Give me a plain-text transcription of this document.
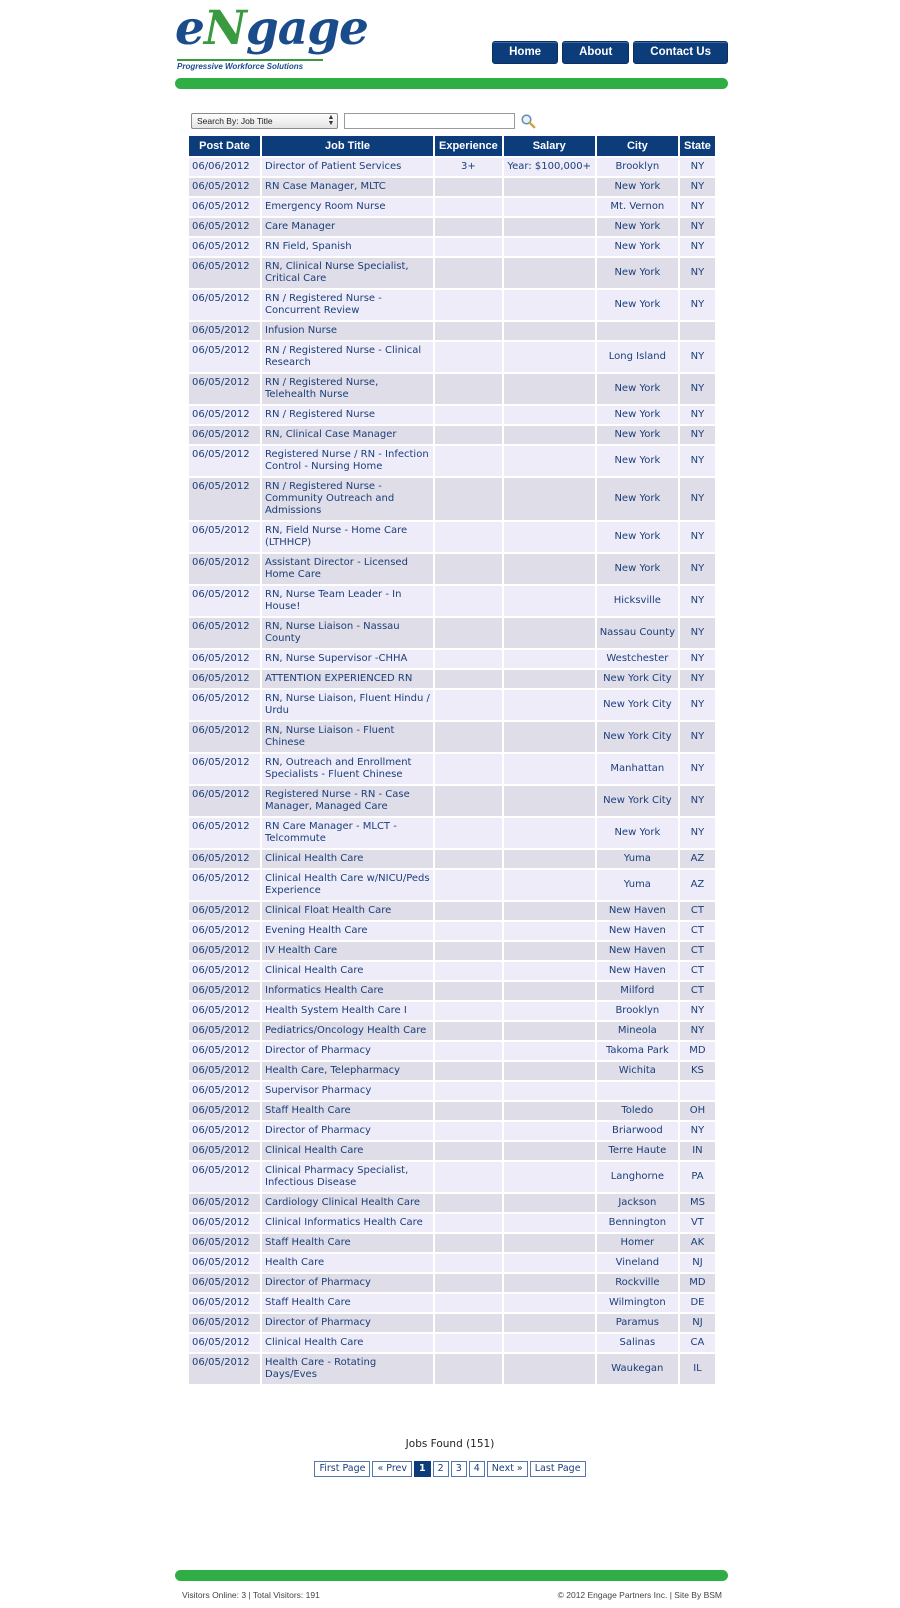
eNgage
Progressive Workforce Solutions
Home	About	Contact Us
Search By: Job Title	▲
▼
Post Date	Job Title	Experience	Salary	City	State
06/06/2012	Director of Patient Services	3+	Year: $100,000+	Brooklyn	NY
06/05/2012	RN Case Manager, MLTC			New York	NY
06/05/2012	Emergency Room Nurse			Mt. Vernon	NY
06/05/2012	Care Manager			New York	NY
06/05/2012	RN Field, Spanish			New York	NY
06/05/2012	RN, Clinical Nurse Specialist, Critical Care			New York	NY
06/05/2012	RN / Registered Nurse - Concurrent Review			New York	NY
06/05/2012	Infusion Nurse				
06/05/2012	RN / Registered Nurse - Clinical Research			Long Island	NY
06/05/2012	RN / Registered Nurse, Telehealth Nurse			New York	NY
06/05/2012	RN / Registered Nurse			New York	NY
06/05/2012	RN, Clinical Case Manager			New York	NY
06/05/2012	Registered Nurse / RN - Infection Control - Nursing Home			New York	NY
06/05/2012	RN / Registered Nurse - Community Outreach and Admissions			New York	NY
06/05/2012	RN, Field Nurse - Home Care (LTHHCP)			New York	NY
06/05/2012	Assistant Director - Licensed Home Care			New York	NY
06/05/2012	RN, Nurse Team Leader - In House!			Hicksville	NY
06/05/2012	RN, Nurse Liaison - Nassau County			Nassau County	NY
06/05/2012	RN, Nurse Supervisor -CHHA			Westchester	NY
06/05/2012	ATTENTION EXPERIENCED RN			New York City	NY
06/05/2012	RN, Nurse Liaison, Fluent Hindu / Urdu			New York City	NY
06/05/2012	RN, Nurse Liaison - Fluent Chinese			New York City	NY
06/05/2012	RN, Outreach and Enrollment Specialists - Fluent Chinese			Manhattan	NY
06/05/2012	Registered Nurse - RN - Case Manager, Managed Care			New York City	NY
06/05/2012	RN Care Manager - MLCT - Telcommute			New York	NY
06/05/2012	Clinical Health Care			Yuma	AZ
06/05/2012	Clinical Health Care w/NICU/Peds Experience			Yuma	AZ
06/05/2012	Clinical Float Health Care			New Haven	CT
06/05/2012	Evening Health Care			New Haven	CT
06/05/2012	IV Health Care			New Haven	CT
06/05/2012	Clinical Health Care			New Haven	CT
06/05/2012	Informatics Health Care			Milford	CT
06/05/2012	Health System Health Care I			Brooklyn	NY
06/05/2012	Pediatrics/Oncology Health Care			Mineola	NY
06/05/2012	Director of Pharmacy			Takoma Park	MD
06/05/2012	Health Care, Telepharmacy			Wichita	KS
06/05/2012	Supervisor Pharmacy				
06/05/2012	Staff Health Care			Toledo	OH
06/05/2012	Director of Pharmacy			Briarwood	NY
06/05/2012	Clinical Health Care			Terre Haute	IN
06/05/2012	Clinical Pharmacy Specialist, Infectious Disease			Langhorne	PA
06/05/2012	Cardiology Clinical Health Care			Jackson	MS
06/05/2012	Clinical Informatics Health Care			Bennington	VT
06/05/2012	Staff Health Care			Homer	AK
06/05/2012	Health Care			Vineland	NJ
06/05/2012	Director of Pharmacy			Rockville	MD
06/05/2012	Staff Health Care			Wilmington	DE
06/05/2012	Director of Pharmacy			Paramus	NJ
06/05/2012	Clinical Health Care			Salinas	CA
06/05/2012	Health Care - Rotating Days/Eves			Waukegan	IL
Jobs Found (151)
First Page	« Prev	1	2	3	4	Next »	Last Page
Visitors Online: 3 | Total Visitors: 191	© 2012 Engage Partners Inc. | Site By BSM
